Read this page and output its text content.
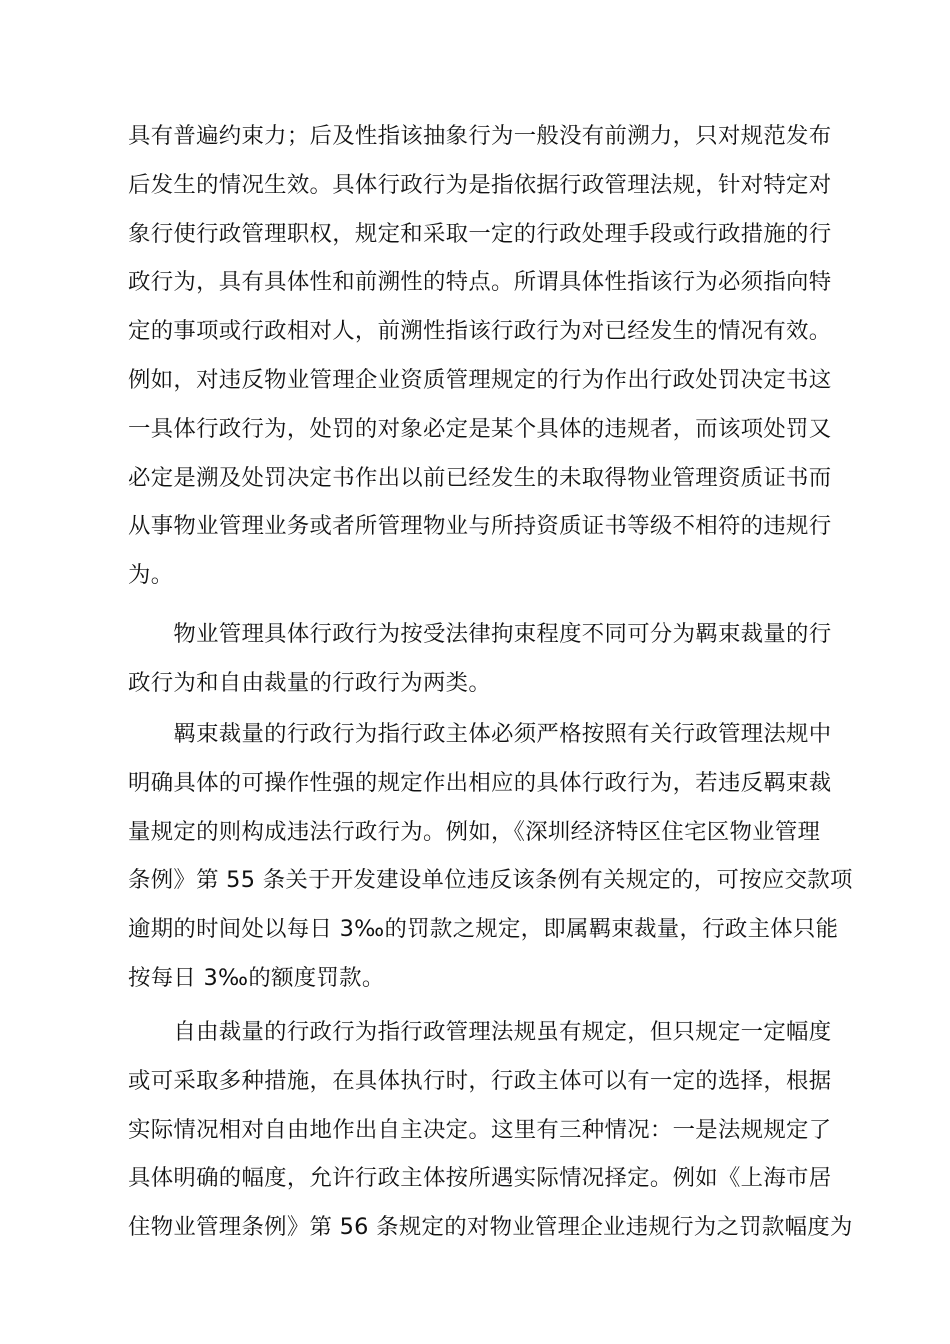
具有普遍约束力；后及性指该抽象行为一般没有前溯力，只对规范发布
后发生的情况生效。具体行政行为是指依据行政管理法规，针对特定对
象行使行政管理职权，规定和采取一定的行政处理手段或行政措施的行
政行为，具有具体性和前溯性的特点。所谓具体性指该行为必须指向特
定的事项或行政相对人，前溯性指该行政行为对已经发生的情况有效。
例如，对违反物业管理企业资质管理规定的行为作出行政处罚决定书这
一具体行政行为，处罚的对象必定是某个具体的违规者，而该项处罚又
必定是溯及处罚决定书作出以前已经发生的未取得物业管理资质证书而
从事物业管理业务或者所管理物业与所持资质证书等级不相符的违规行
为。
　　物业管理具体行政行为按受法律拘束程度不同可分为羁束裁量的行
政行为和自由裁量的行政行为两类。
　　羁束裁量的行政行为指行政主体必须严格按照有关行政管理法规中
明确具体的可操作性强的规定作出相应的具体行政行为，若违反羁束裁
量规定的则构成违法行政行为。例如，《深圳经济特区住宅区物业管理
条例》第 55 条关于开发建设单位违反该条例有关规定的，可按应交款项
逾期的时间处以每日 3‰的罚款之规定，即属羁束裁量，行政主体只能
按每日 3‰的额度罚款。
　　自由裁量的行政行为指行政管理法规虽有规定，但只规定一定幅度
或可采取多种措施，在具体执行时，行政主体可以有一定的选择，根据
实际情况相对自由地作出自主决定。这里有三种情况：一是法规规定了
具体明确的幅度，允许行政主体按所遇实际情况择定。例如《上海市居
住物业管理条例》第 56 条规定的对物业管理企业违规行为之罚款幅度为
